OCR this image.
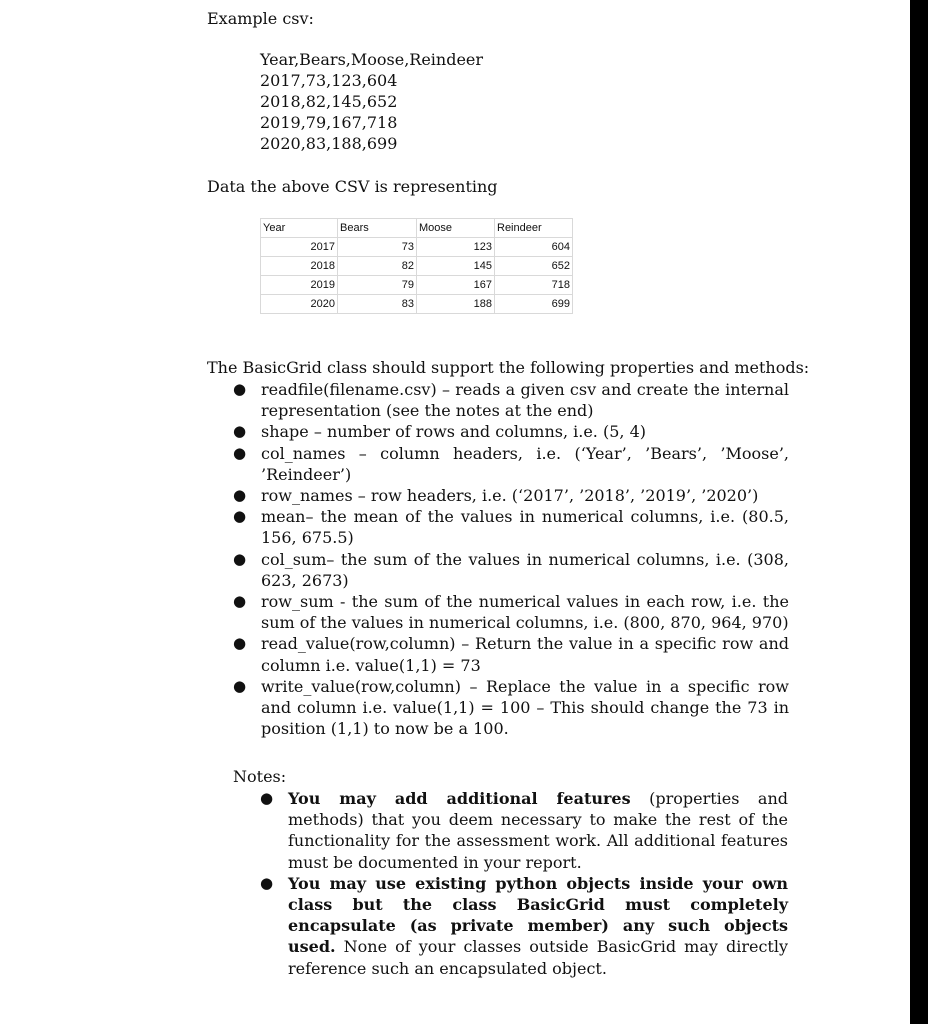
Example csv:
Year,Bears,Moose,Reindeer
2017,73,123,604
2018,82,145,652
2019,79,167,718
2020,83,188,699
Data the above CSV is representing
Year	Bears	Moose	Reindeer
2017	73	123	604
2018	82	145	652
2019	79	167	718
2020	83	188	699
The BasicGrid class should support the following properties and methods:
● readfile(filename.csv) – reads a given csv and create the internal representation (see the notes at the end)
● shape – number of rows and columns, i.e. (5, 4)
● col_names – column headers, i.e. (‘Year’, ’Bears’, ’Moose’, ’Reindeer’)
● row_names – row headers, i.e. (‘2017’, ’2018’, ’2019’, ’2020’)
● mean– the mean of the values in numerical columns, i.e. (80.5, 156, 675.5)
● col_sum– the sum of the values in numerical columns, i.e. (308, 623, 2673)
● row_sum - the sum of the numerical values in each row, i.e. the sum of the values in numerical columns, i.e. (800, 870, 964, 970)
● read_value(row,column) – Return the value in a specific row and column i.e. value(1,1) = 73
● write_value(row,column) – Replace the value in a specific row and column i.e. value(1,1) = 100 – This should change the 73 in position (1,1) to now be a 100.
Notes:
● You may add additional features (properties and methods) that you deem necessary to make the rest of the functionality for the assessment work. All additional features must be documented in your report.
● You may use existing python objects inside your own class but the class BasicGrid must completely encapsulate (as private member) any such objects used. None of your classes outside BasicGrid may directly reference such an encapsulated object.
